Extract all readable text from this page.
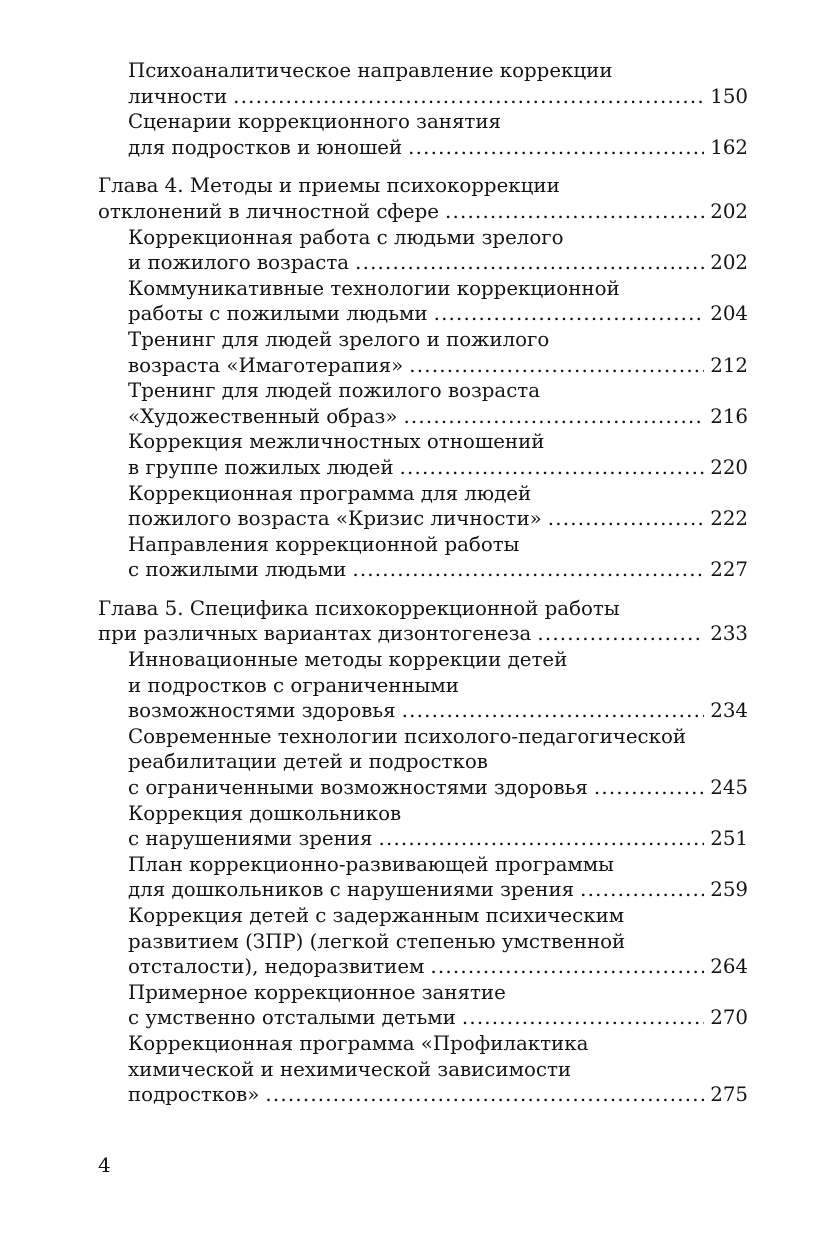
Психоаналитическое направление коррекции
личности .....	150
Сценарии коррекционного занятия
для подростков и юношей .....	162
Глава 4. Методы и приемы психокоррекции
отклонений в личностной сфере .....	202
Коррекционная работа с людьми зрелого
и пожилого возраста .....	202
Коммуникативные технологии коррекционной
работы с пожилыми людьми .....	204
Тренинг для людей зрелого и пожилого
возраста «Имаготерапия» .....	212
Тренинг для людей пожилого возраста
«Художественный образ» .....	216
Коррекция межличностных отношений
в группе пожилых людей .....	220
Коррекционная программа для людей
пожилого возраста «Кризис личности» .....	222
Направления коррекционной работы
с пожилыми людьми .....	227
Глава 5. Специфика психокоррекционной работы
при различных вариантах дизонтогенеза .....	233
Инновационные методы коррекции детей
и подростков с ограниченными
возможностями здоровья .....	234
Современные технологии психолого-педагогической
реабилитации детей и подростков
с ограниченными возможностями здоровья .....	245
Коррекция дошкольников
с нарушениями зрения .....	251
План коррекционно-развивающей программы
для дошкольников с нарушениями зрения .....	259
Коррекция детей с задержанным психическим
развитием (ЗПР) (легкой степенью умственной
отсталости), недоразвитием .....	264
Примерное коррекционное занятие
с умственно отсталыми детьми .....	270
Коррекционная программа «Профилактика
химической и нехимической зависимости
подростков» .....	275
4
